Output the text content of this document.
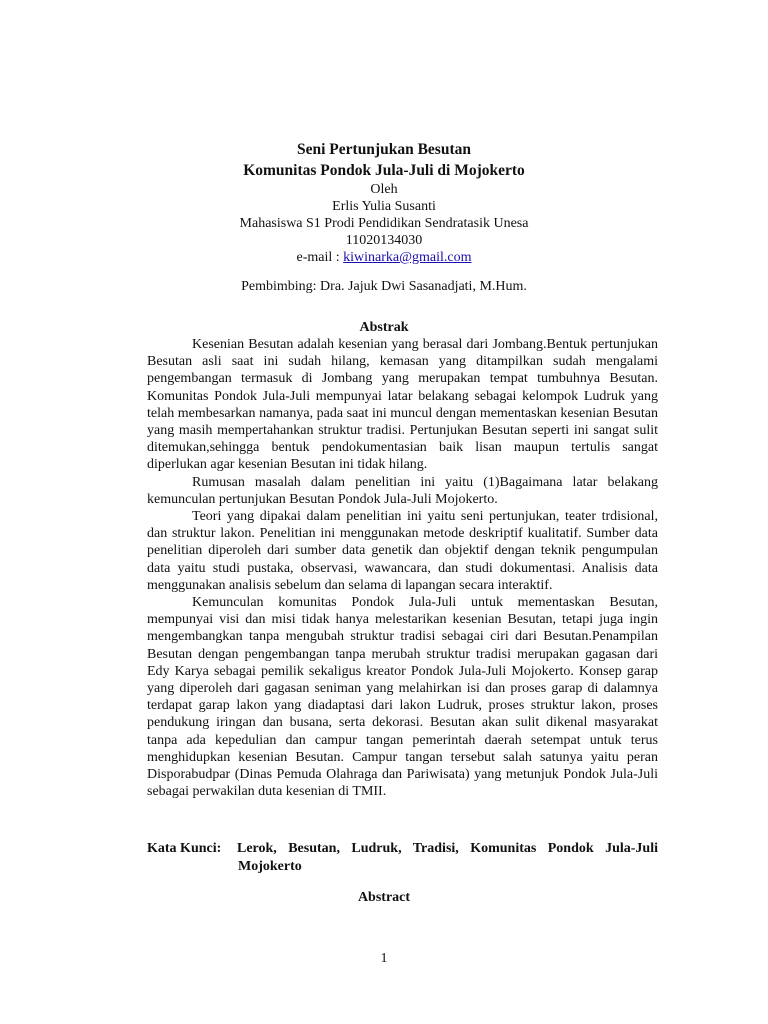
Seni Pertunjukan Besutan
Komunitas Pondok Jula-Juli di Mojokerto
Oleh
Erlis Yulia Susanti
Mahasiswa S1 Prodi Pendidikan Sendratasik Unesa
11020134030
e-mail : kiwinarka@gmail.com
Pembimbing: Dra. Jajuk Dwi Sasanadjati, M.Hum.
Abstrak

Kesenian Besutan adalah kesenian yang berasal dari Jombang.Bentuk pertunjukan Besutan asli saat ini sudah hilang, kemasan yang ditampilkan sudah mengalami pengembangan termasuk di Jombang yang merupakan tempat tumbuhnya Besutan. Komunitas Pondok Jula-Juli mempunyai latar belakang sebagai kelompok Ludruk yang telah membesarkan namanya, pada saat ini muncul dengan mementaskan kesenian Besutan yang masih mempertahankan struktur tradisi. Pertunjukan Besutan seperti ini sangat sulit ditemukan,sehingga bentuk pendokumentasian baik lisan maupun tertulis sangat diperlukan agar kesenian Besutan ini tidak hilang.

Rumusan masalah dalam penelitian ini yaitu (1)Bagaimana latar belakang kemunculan pertunjukan Besutan Pondok Jula-Juli Mojokerto.

Teori yang dipakai dalam penelitian ini yaitu seni pertunjukan, teater trdisional, dan struktur lakon. Penelitian ini menggunakan metode deskriptif kualitatif. Sumber data penelitian diperoleh dari sumber data genetik dan objektif dengan teknik pengumpulan data yaitu studi pustaka, observasi, wawancara, dan studi dokumentasi. Analisis data menggunakan analisis sebelum dan selama di lapangan secara interaktif.

Kemunculan komunitas Pondok Jula-Juli untuk mementaskan Besutan, mempunyai visi dan misi tidak hanya melestarikan kesenian Besutan, tetapi juga ingin mengembangkan tanpa mengubah struktur tradisi sebagai ciri dari Besutan.Penampilan Besutan dengan pengembangan tanpa merubah struktur tradisi merupakan gagasan dari Edy Karya sebagai pemilik sekaligus kreator Pondok Jula-Juli Mojokerto. Konsep garap yang diperoleh dari gagasan seniman yang melahirkan isi dan proses garap di dalamnya terdapat garap lakon yang diadaptasi dari lakon Ludruk, proses struktur lakon, proses pendukung iringan dan busana, serta dekorasi. Besutan akan sulit dikenal masyarakat tanpa ada kepedulian dan campur tangan pemerintah daerah setempat untuk terus menghidupkan kesenian Besutan. Campur tangan tersebut salah satunya yaitu peran Disporabudpar (Dinas Pemuda Olahraga dan Pariwisata) yang metunjuk Pondok Jula-Juli sebagai perwakilan duta kesenian di TMII.

Kata Kunci:	Lerok, Besutan, Ludruk, Tradisi, Komunitas Pondok Jula-Juli
Mojokerto
Abstract
1
